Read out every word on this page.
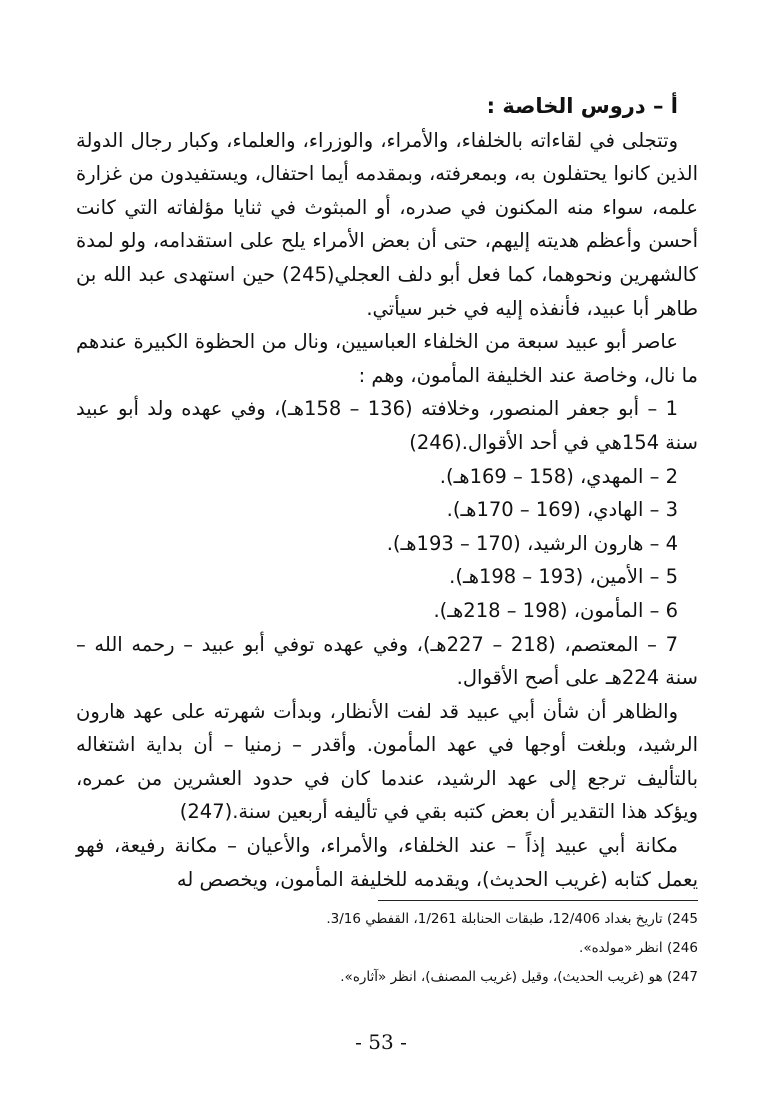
أ – دروس الخاصة :

وتتجلى في لقاءاته بالخلفاء، والأمراء، والوزراء، والعلماء، وكبار رجال الدولة الذين كانوا يحتفلون به، وبمعرفته، وبمقدمه أيما احتفال، ويستفيدون من غزارة علمه، سواء منه المكنون في صدره، أو المبثوث في ثنايا مؤلفاته التي كانت أحسن وأعظم هديته إليهم، حتى أن بعض الأمراء يلح على استقدامه، ولو لمدة كالشهرين ونحوهما، كما فعل أبو دلف العجلي(245) حين استهدى عبد الله بن طاهر أبا عبيد، فأنفذه إليه في خبر سيأتي.

عاصر أبو عبيد سبعة من الخلفاء العباسيين، ونال من الحظوة الكبيرة عندهم ما نال، وخاصة عند الخليفة المأمون، وهم :

1 – أبو جعفر المنصور، وخلافته (136 – 158هـ)، وفي عهده ولد أبو عبيد سنة 154هي في أحد الأقوال.(246)

2 – المهدي، (158 – 169هـ).

3 – الهادي، (169 – 170هـ).

4 – هارون الرشيد، (170 – 193هـ).

5 – الأمين، (193 – 198هـ).

6 – المأمون، (198 – 218هـ).

7 – المعتصم، (218 – 227هـ)، وفي عهده توفي أبو عبيد – رحمه الله – سنة 224هـ على أصح الأقوال.

والظاهر أن شأن أبي عبيد قد لفت الأنظار، وبدأت شهرته على عهد هارون الرشيد، وبلغت أوجها في عهد المأمون. وأقدر – زمنيا – أن بداية اشتغاله بالتأليف ترجع إلى عهد الرشيد، عندما كان في حدود العشرين من عمره، ويؤكد هذا التقدير أن بعض كتبه بقي في تأليفه أربعين سنة.(247)

مكانة أبي عبيد إذاً – عند الخلفاء، والأمراء، والأعيان – مكانة رفيعة، فهو يعمل كتابه (غريب الحديث)، ويقدمه للخليفة المأمون، ويخصص له

245) تاريخ بغداد 12/406، طبقات الحنابلة 1/261، القفطي 3/16.

246) انظر «مولده».

247) هو (غريب الحديث)، وقيل (غريب المصنف)، انظر «آثاره».

- 53 -
